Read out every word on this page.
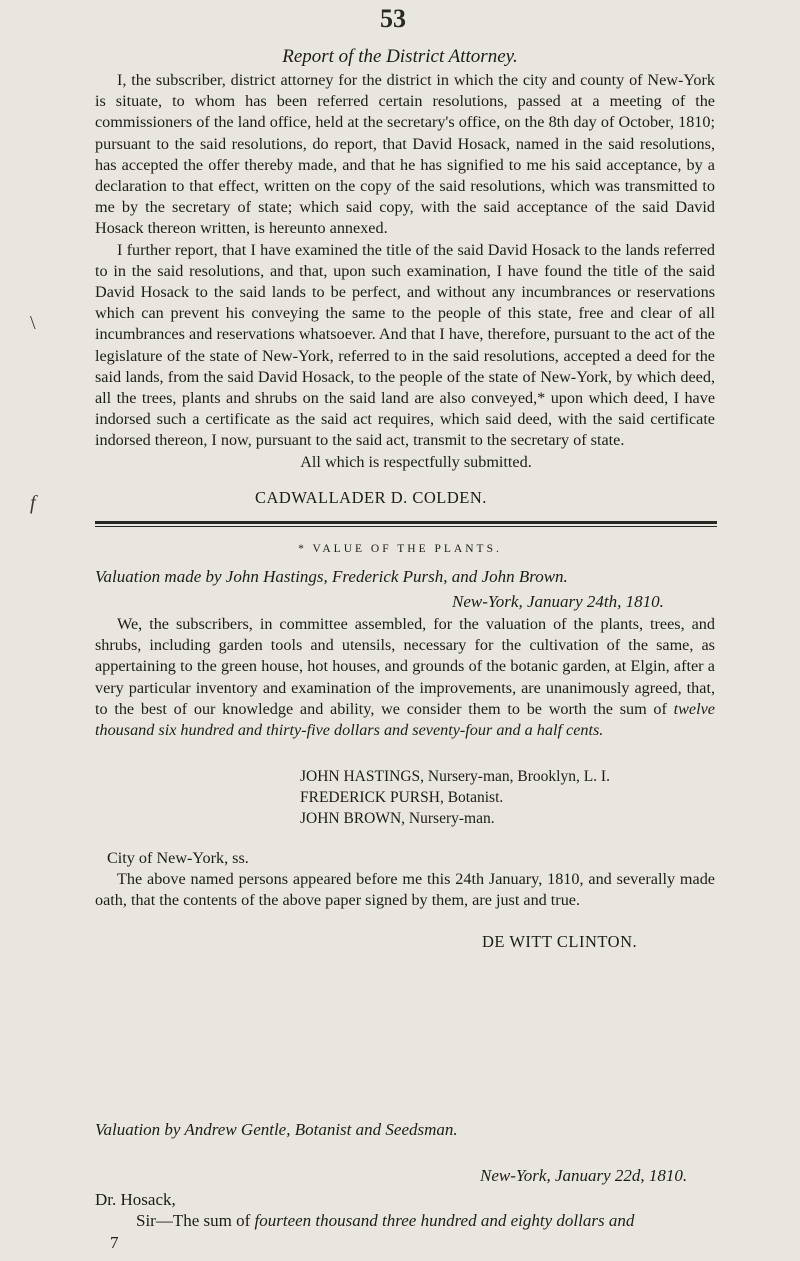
53
Report of the District Attorney.

I, the subscriber, district attorney for the district in which the city and county of New-York is situate, to whom has been referred certain resolutions, passed at a meeting of the commissioners of the land office, held at the secretary's office, on the 8th day of October, 1810; pursuant to the said resolutions, do report, that David Hosack, named in the said resolutions, has accepted the offer thereby made, and that he has signified to me his said acceptance, by a declaration to that effect, written on the copy of the said resolutions, which was transmitted to me by the secretary of state; which said copy, with the said acceptance of the said David Hosack thereon written, is hereunto annexed.

I further report, that I have examined the title of the said David Hosack to the lands referred to in the said resolutions, and that, upon such examination, I have found the title of the said David Hosack to the said lands to be perfect, and without any incumbrances or reservations which can prevent his conveying the same to the people of this state, free and clear of all incumbrances and reservations whatsoever. And that I have, therefore, pursuant to the act of the legislature of the state of New-York, referred to in the said resolutions, accepted a deed for the said lands, from the said David Hosack, to the people of the state of New-York, by which deed, all the trees, plants and shrubs on the said land are also conveyed,* upon which deed, I have indorsed such a certificate as the said act requires, which said deed, with the said certificate indorsed thereon, I now, pursuant to the said act, transmit to the secretary of state.

All which is respectfully submitted.

\
f	CADWALLADER D. COLDEN.
* VALUE OF THE PLANTS.
Valuation made by John Hastings, Frederick Pursh, and John Brown.
New-York, January 24th, 1810.

We, the subscribers, in committee assembled, for the valuation of the plants, trees, and shrubs, including garden tools and utensils, necessary for the cultivation of the same, as appertaining to the green house, hot houses, and grounds of the botanic garden, at Elgin, after a very particular inventory and examination of the improvements, are unanimously agreed, that, to the best of our knowledge and ability, we consider them to be worth the sum of twelve thousand six hundred and thirty-five dollars and seventy-four and a half cents.

JOHN HASTINGS, Nursery-man, Brooklyn, L. I.
FREDERICK PURSH, Botanist.
JOHN BROWN, Nursery-man.
City of New-York, ss.

The above named persons appeared before me this 24th January, 1810, and severally made oath, that the contents of the above paper signed by them, are just and true.

DE WITT CLINTON.
Valuation by Andrew Gentle, Botanist and Seedsman.
New-York, January 22d, 1810.
Dr. Hosack,
Sir—The sum of fourteen thousand three hundred and eighty dollars and
7
